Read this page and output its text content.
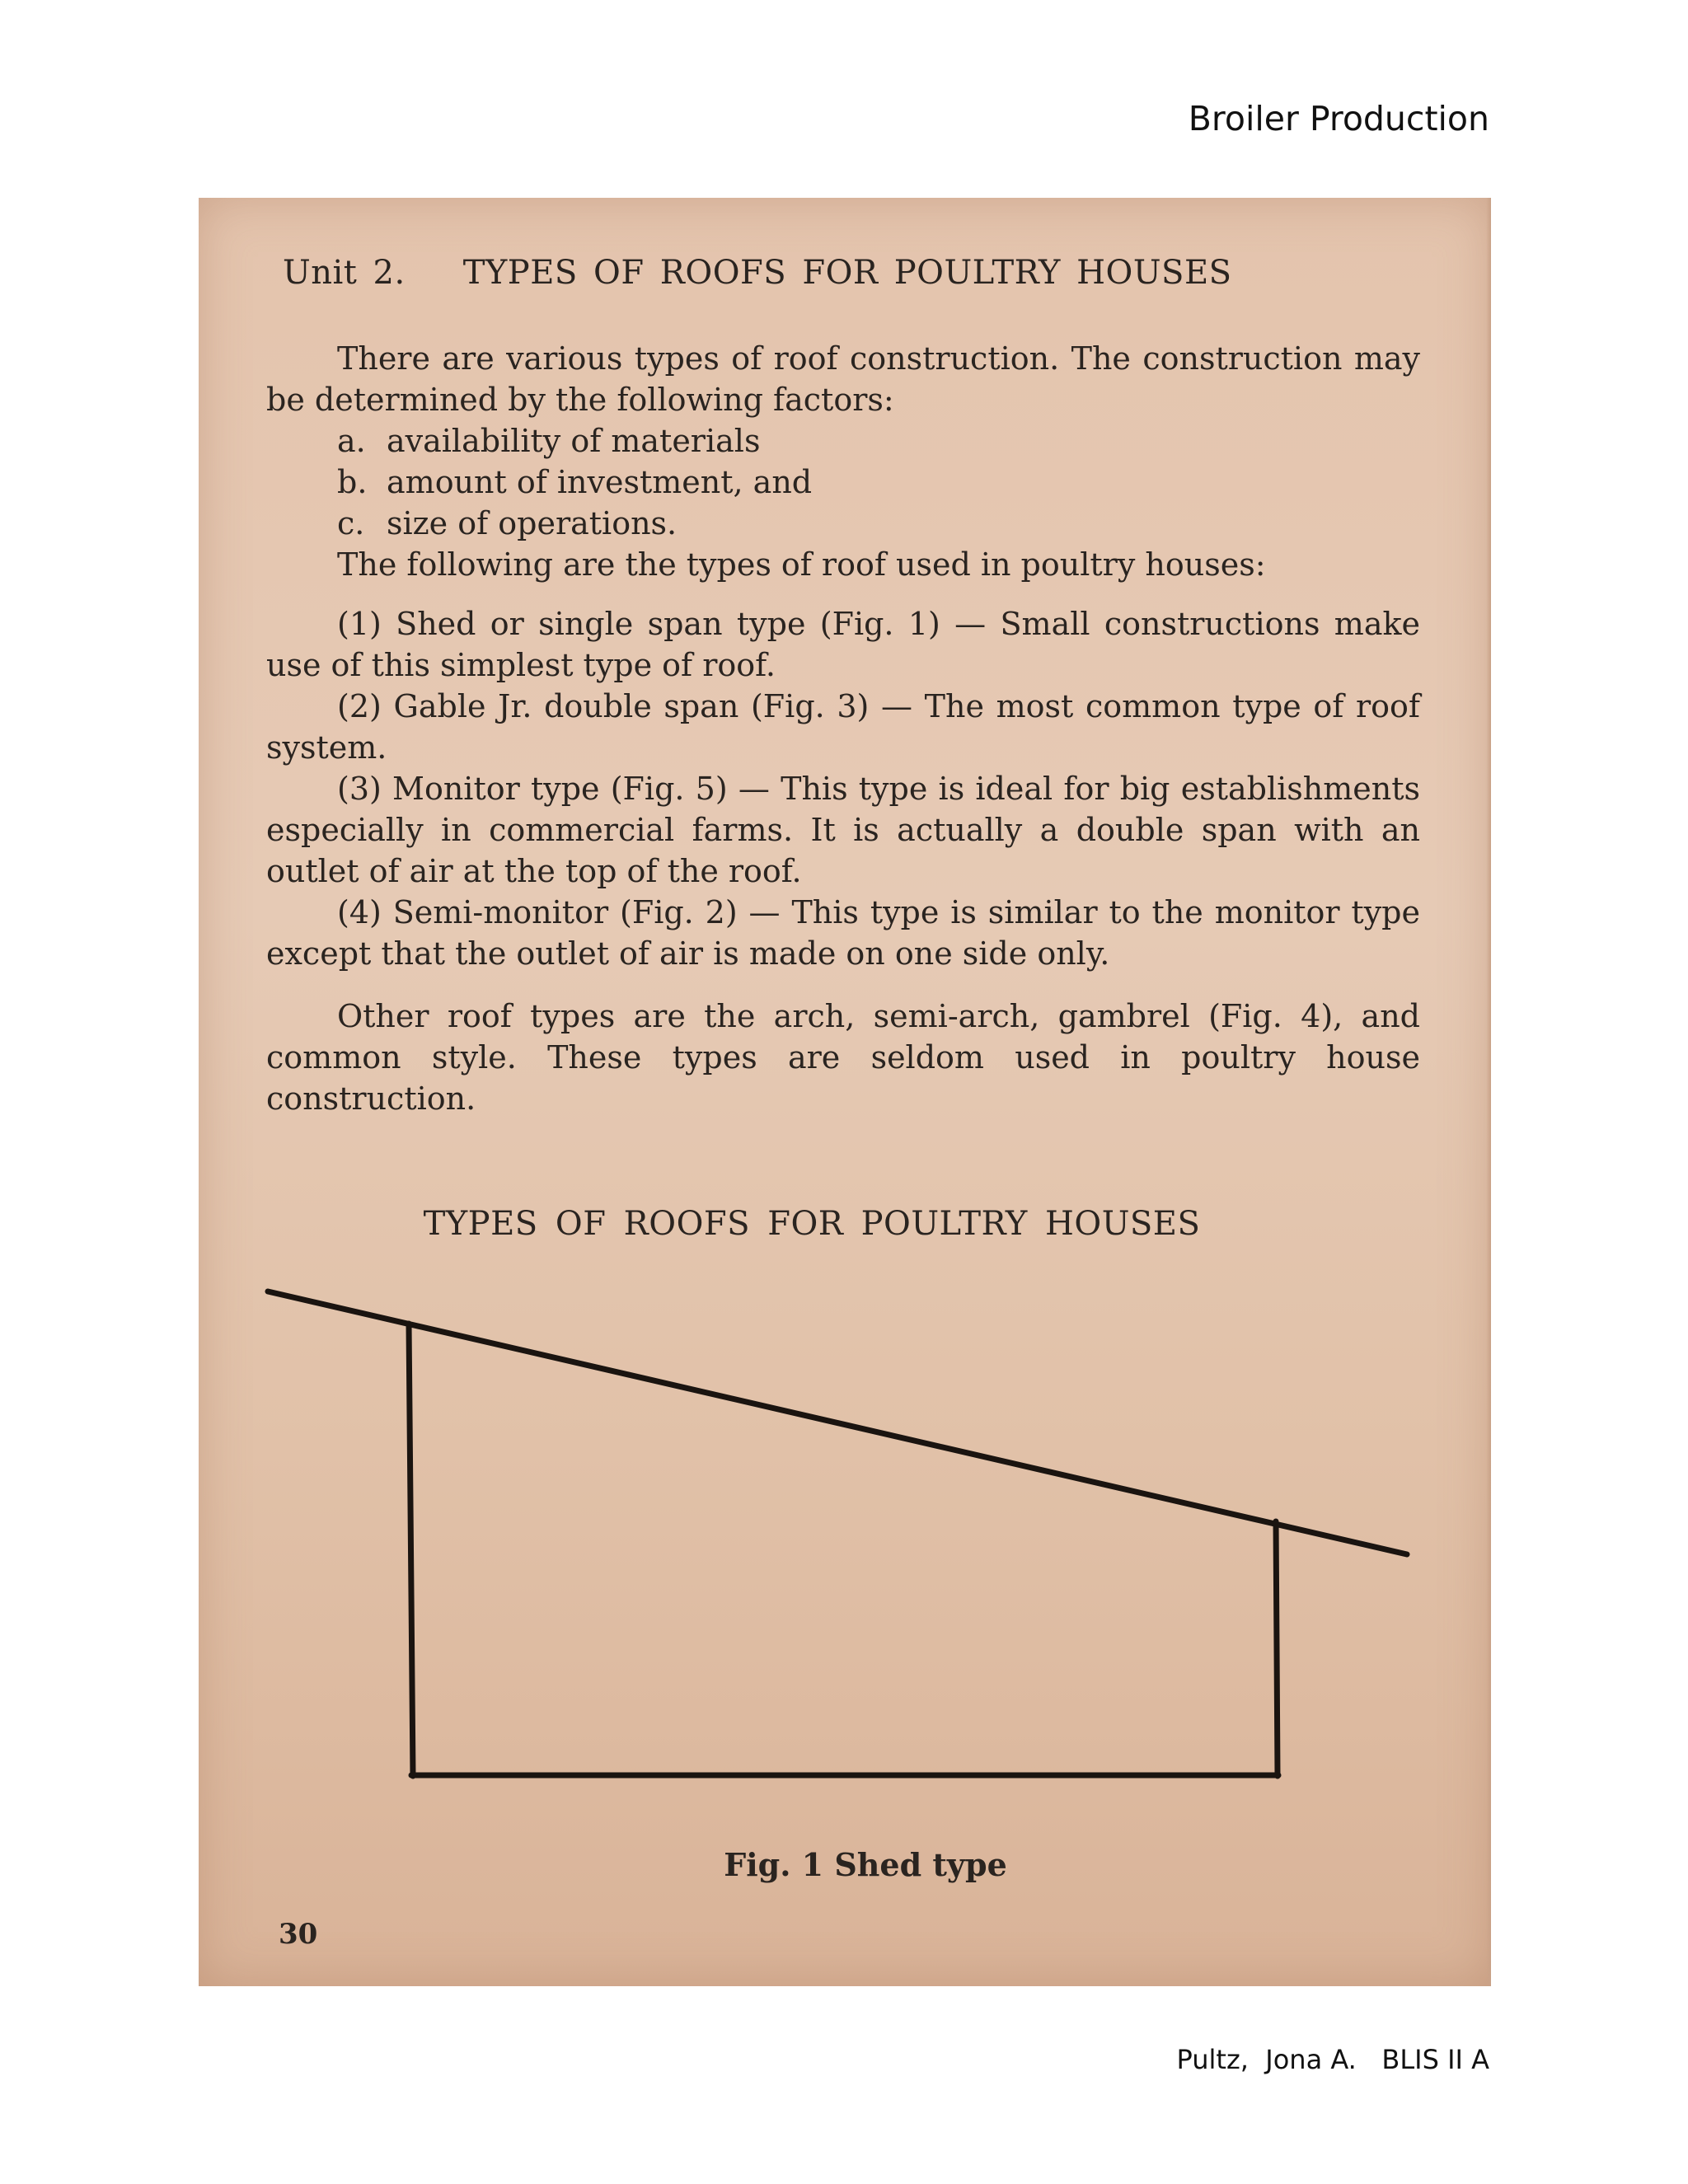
Broiler Production
Unit 2. TYPES OF ROOFS FOR POULTRY HOUSES

There are various types of roof construction. The construction may be determined by the following factors:

a. availability of materials
b. amount of investment, and
c. size of operations.

The following are the types of roof used in poultry houses:

(1) Shed or single span type (Fig. 1) — Small constructions make use of this simplest type of roof.

(2) Gable Jr. double span (Fig. 3) — The most common type of roof system.

(3) Monitor type (Fig. 5) — This type is ideal for big establishments especially in commercial farms. It is actually a double span with an outlet of air at the top of the roof.

(4) Semi-monitor (Fig. 2) — This type is similar to the monitor type except that the outlet of air is made on one side only.

Other roof types are the arch, semi-arch, gambrel (Fig. 4), and common style. These types are seldom used in poultry house construction.

TYPES OF ROOFS FOR POULTRY HOUSES
Fig. 1 Shed type
30
Pultz,  Jona A.   BLIS II A
